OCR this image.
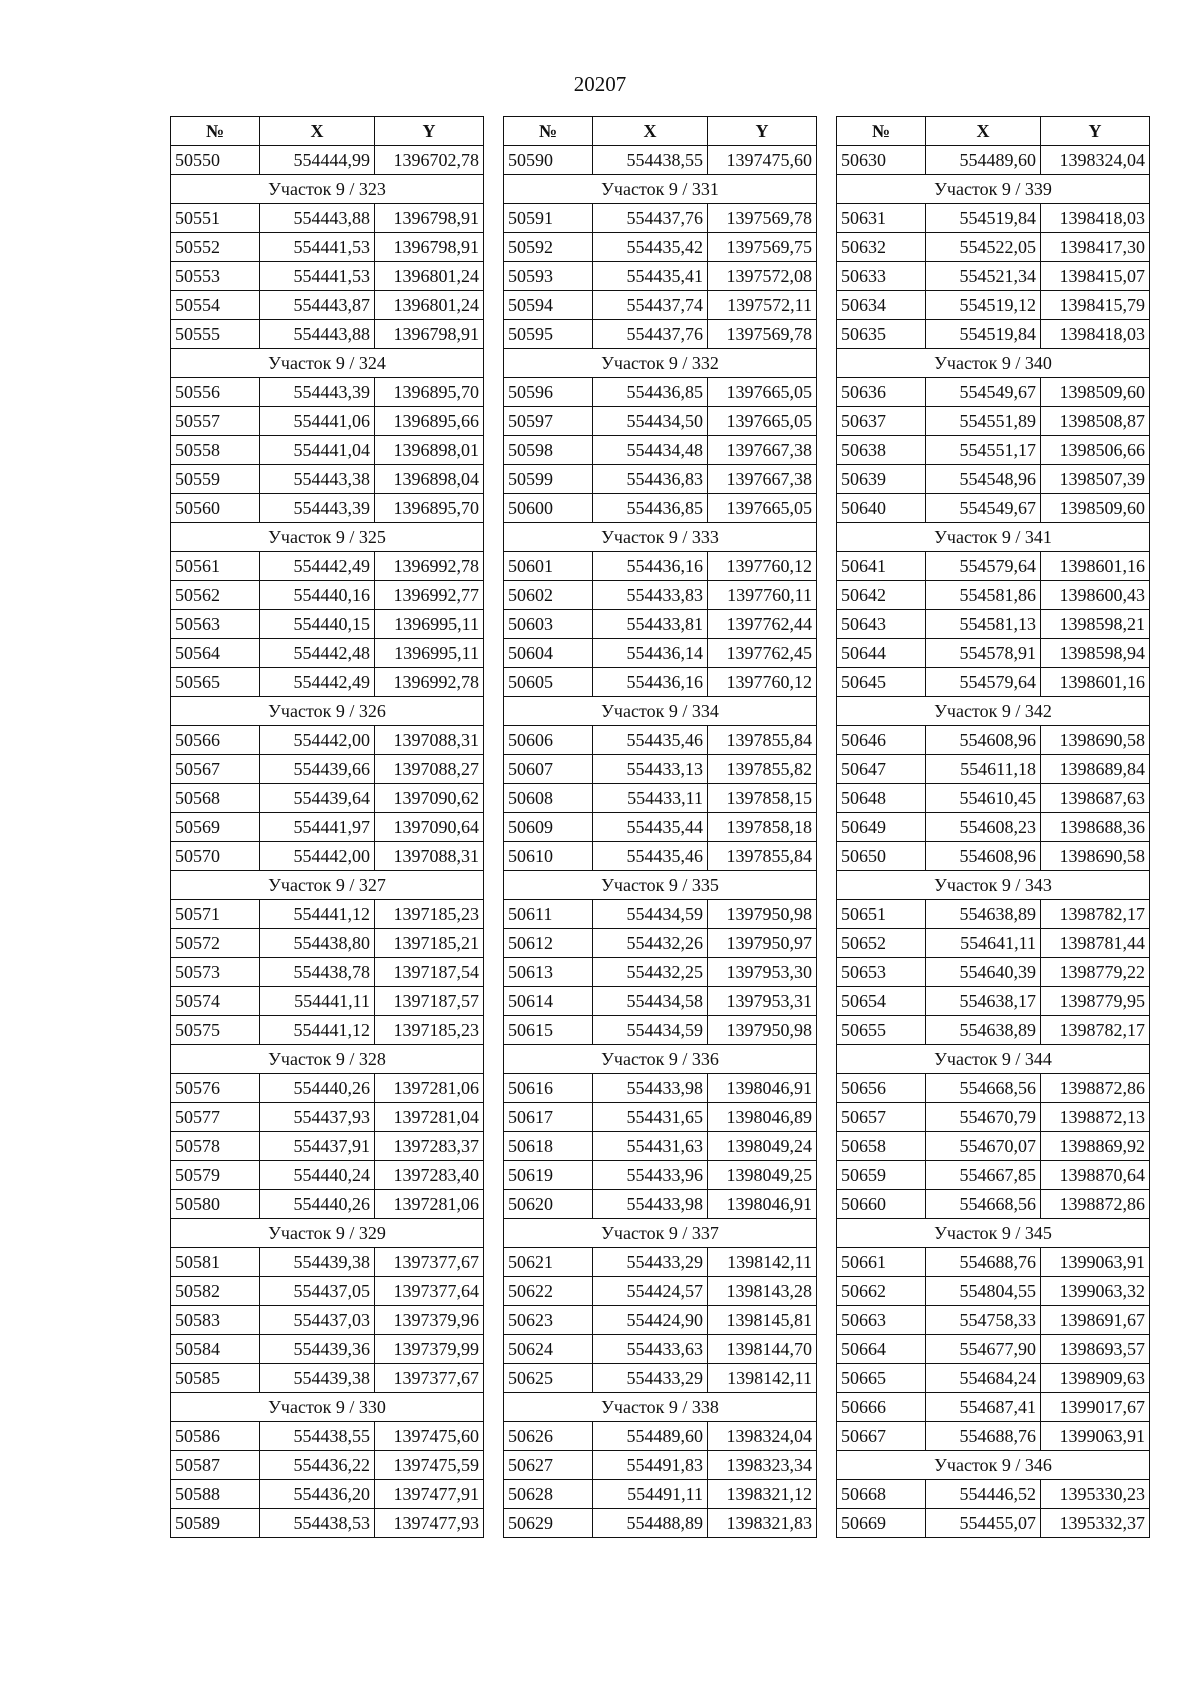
20207
№	X	Y
50550	554444,99	1396702,78
Участок 9 / 323		
50551	554443,88	1396798,91
50552	554441,53	1396798,91
50553	554441,53	1396801,24
50554	554443,87	1396801,24
50555	554443,88	1396798,91
Участок 9 / 324		
50556	554443,39	1396895,70
50557	554441,06	1396895,66
50558	554441,04	1396898,01
50559	554443,38	1396898,04
50560	554443,39	1396895,70
Участок 9 / 325		
50561	554442,49	1396992,78
50562	554440,16	1396992,77
50563	554440,15	1396995,11
50564	554442,48	1396995,11
50565	554442,49	1396992,78
Участок 9 / 326		
50566	554442,00	1397088,31
50567	554439,66	1397088,27
50568	554439,64	1397090,62
50569	554441,97	1397090,64
50570	554442,00	1397088,31
Участок 9 / 327		
50571	554441,12	1397185,23
50572	554438,80	1397185,21
50573	554438,78	1397187,54
50574	554441,11	1397187,57
50575	554441,12	1397185,23
Участок 9 / 328		
50576	554440,26	1397281,06
50577	554437,93	1397281,04
50578	554437,91	1397283,37
50579	554440,24	1397283,40
50580	554440,26	1397281,06
Участок 9 / 329		
50581	554439,38	1397377,67
50582	554437,05	1397377,64
50583	554437,03	1397379,96
50584	554439,36	1397379,99
50585	554439,38	1397377,67
Участок 9 / 330		
50586	554438,55	1397475,60
50587	554436,22	1397475,59
50588	554436,20	1397477,91
50589	554438,53	1397477,93
№	X	Y
50590	554438,55	1397475,60
Участок 9 / 331		
50591	554437,76	1397569,78
50592	554435,42	1397569,75
50593	554435,41	1397572,08
50594	554437,74	1397572,11
50595	554437,76	1397569,78
Участок 9 / 332		
50596	554436,85	1397665,05
50597	554434,50	1397665,05
50598	554434,48	1397667,38
50599	554436,83	1397667,38
50600	554436,85	1397665,05
Участок 9 / 333		
50601	554436,16	1397760,12
50602	554433,83	1397760,11
50603	554433,81	1397762,44
50604	554436,14	1397762,45
50605	554436,16	1397760,12
Участок 9 / 334		
50606	554435,46	1397855,84
50607	554433,13	1397855,82
50608	554433,11	1397858,15
50609	554435,44	1397858,18
50610	554435,46	1397855,84
Участок 9 / 335		
50611	554434,59	1397950,98
50612	554432,26	1397950,97
50613	554432,25	1397953,30
50614	554434,58	1397953,31
50615	554434,59	1397950,98
Участок 9 / 336		
50616	554433,98	1398046,91
50617	554431,65	1398046,89
50618	554431,63	1398049,24
50619	554433,96	1398049,25
50620	554433,98	1398046,91
Участок 9 / 337		
50621	554433,29	1398142,11
50622	554424,57	1398143,28
50623	554424,90	1398145,81
50624	554433,63	1398144,70
50625	554433,29	1398142,11
Участок 9 / 338		
50626	554489,60	1398324,04
50627	554491,83	1398323,34
50628	554491,11	1398321,12
50629	554488,89	1398321,83
№	X	Y
50630	554489,60	1398324,04
Участок 9 / 339		
50631	554519,84	1398418,03
50632	554522,05	1398417,30
50633	554521,34	1398415,07
50634	554519,12	1398415,79
50635	554519,84	1398418,03
Участок 9 / 340		
50636	554549,67	1398509,60
50637	554551,89	1398508,87
50638	554551,17	1398506,66
50639	554548,96	1398507,39
50640	554549,67	1398509,60
Участок 9 / 341		
50641	554579,64	1398601,16
50642	554581,86	1398600,43
50643	554581,13	1398598,21
50644	554578,91	1398598,94
50645	554579,64	1398601,16
Участок 9 / 342		
50646	554608,96	1398690,58
50647	554611,18	1398689,84
50648	554610,45	1398687,63
50649	554608,23	1398688,36
50650	554608,96	1398690,58
Участок 9 / 343		
50651	554638,89	1398782,17
50652	554641,11	1398781,44
50653	554640,39	1398779,22
50654	554638,17	1398779,95
50655	554638,89	1398782,17
Участок 9 / 344		
50656	554668,56	1398872,86
50657	554670,79	1398872,13
50658	554670,07	1398869,92
50659	554667,85	1398870,64
50660	554668,56	1398872,86
Участок 9 / 345		
50661	554688,76	1399063,91
50662	554804,55	1399063,32
50663	554758,33	1398691,67
50664	554677,90	1398693,57
50665	554684,24	1398909,63
50666	554687,41	1399017,67
50667	554688,76	1399063,91
Участок 9 / 346		
50668	554446,52	1395330,23
50669	554455,07	1395332,37
